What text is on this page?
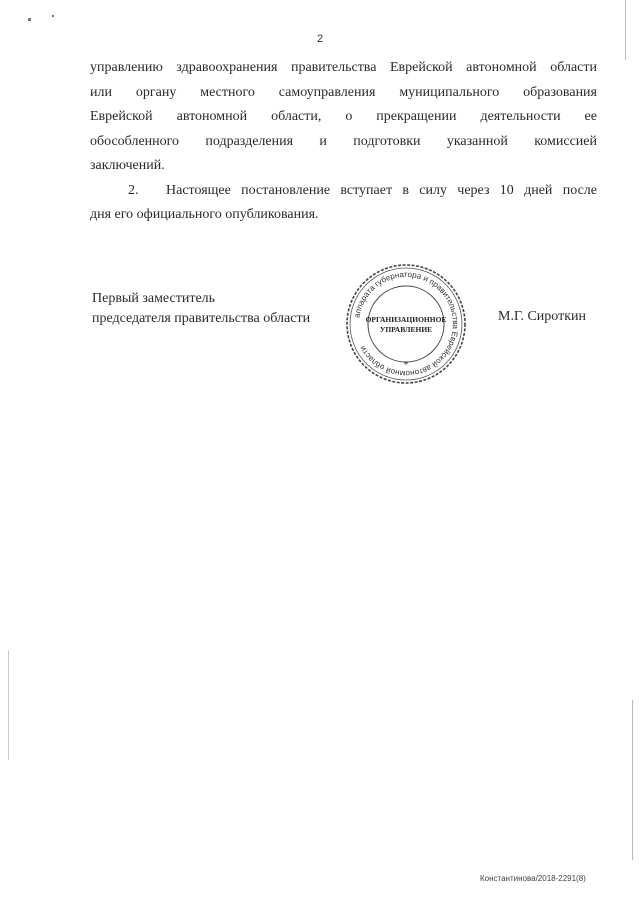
2
управлению здравоохранения правительства Еврейской автономной области
или органу местного самоуправления муниципального образования
Еврейской автономной области, о прекращении деятельности ее
обособленного подразделения и подготовки указанной комиссией
заключений.
2. Настоящее постановление вступает в силу через 10 дней после
дня его официального опубликования.
Первый заместитель
председателя правительства области	аппарата губернатора и правительства Еврейской автономной области
ОРГАНИЗАЦИОННОЕ
УПРАВЛЕНИЕ
*
М.Г. Сироткин
Константинова/2018-2291(8)
